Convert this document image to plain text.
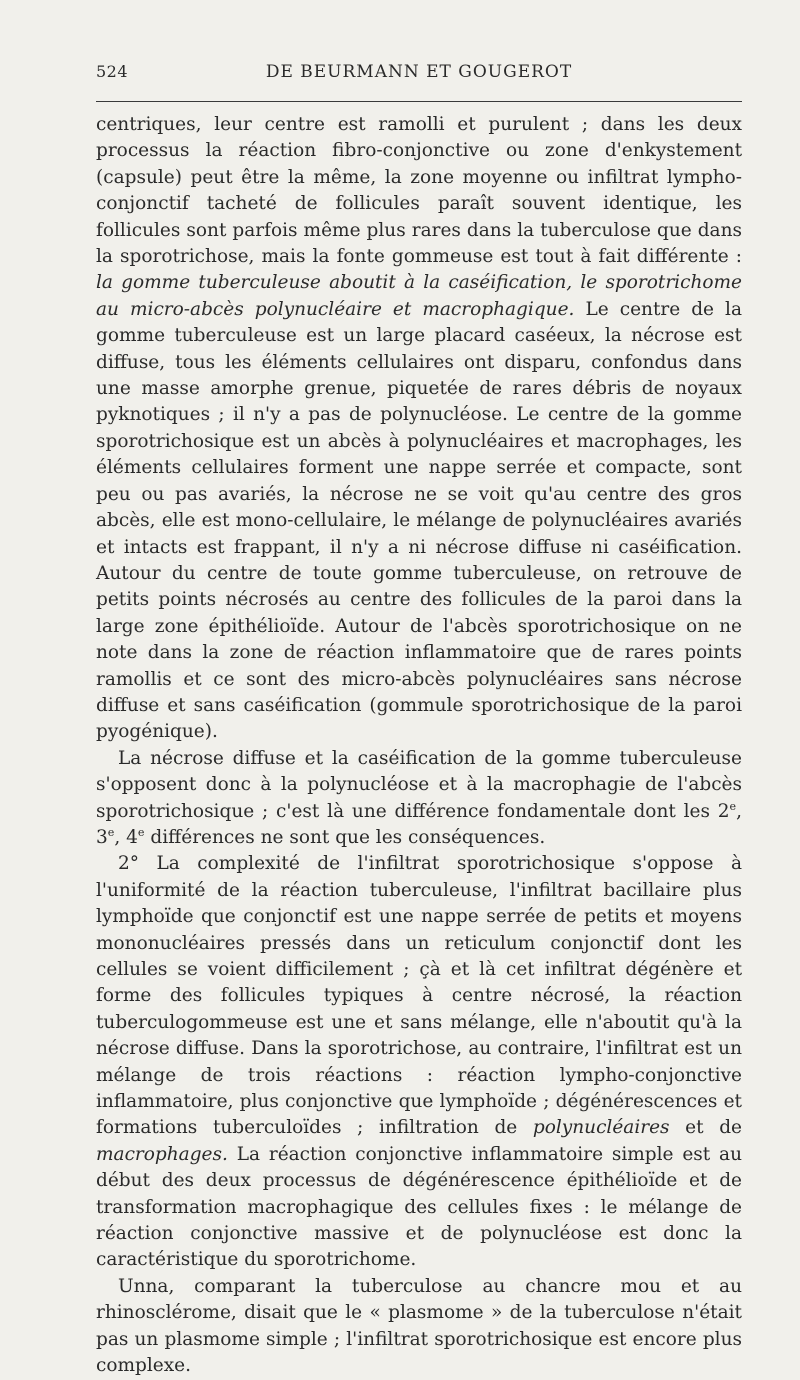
524	DE BEURMANN ET GOUGEROT

centriques, leur centre est ramolli et purulent ; dans les deux processus la réaction fibro-conjonctive ou zone d'enkystement (capsule) peut être la même, la zone moyenne ou infiltrat lympho-conjonctif tacheté de follicules paraît souvent identique, les follicules sont parfois même plus rares dans la tuberculose que dans la sporotrichose, mais la fonte gommeuse est tout à fait différente : la gomme tuberculeuse aboutit à la caséification, le sporotrichome au micro-abcès polynucléaire et macrophagique. Le centre de la gomme tuberculeuse est un large placard caséeux, la nécrose est diffuse, tous les éléments cellulaires ont disparu, confondus dans une masse amorphe grenue, piquetée de rares débris de noyaux pyknotiques ; il n'y a pas de polynucléose. Le centre de la gomme sporotrichosique est un abcès à polynucléaires et macrophages, les éléments cellulaires forment une nappe serrée et compacte, sont peu ou pas avariés, la nécrose ne se voit qu'au centre des gros abcès, elle est mono-cellulaire, le mélange de polynucléaires avariés et intacts est frappant, il n'y a ni nécrose diffuse ni caséification. Autour du centre de toute gomme tuberculeuse, on retrouve de petits points nécrosés au centre des follicules de la paroi dans la large zone épithélioïde. Autour de l'abcès sporotrichosique on ne note dans la zone de réaction inflammatoire que de rares points ramollis et ce sont des micro-abcès polynucléaires sans nécrose diffuse et sans caséification (gommule sporotrichosique de la paroi pyogénique).

La nécrose diffuse et la caséification de la gomme tuberculeuse s'opposent donc à la polynucléose et à la macrophagie de l'abcès sporotrichosique ; c'est là une différence fondamentale dont les 2e, 3e, 4e différences ne sont que les conséquences.

2° La complexité de l'infiltrat sporotrichosique s'oppose à l'uniformité de la réaction tuberculeuse, l'infiltrat bacillaire plus lymphoïde que conjonctif est une nappe serrée de petits et moyens mononucléaires pressés dans un reticulum conjonctif dont les cellules se voient difficilement ; çà et là cet infiltrat dégénère et forme des follicules typiques à centre nécrosé, la réaction tuberculogommeuse est une et sans mélange, elle n'aboutit qu'à la nécrose diffuse. Dans la sporotrichose, au contraire, l'infiltrat est un mélange de trois réactions : réaction lympho-conjonctive inflammatoire, plus conjonctive que lymphoïde ; dégénérescences et formations tuberculoïdes ; infiltration de polynucléaires et de macrophages. La réaction conjonctive inflammatoire simple est au début des deux processus de dégénérescence épithélioïde et de transformation macrophagique des cellules fixes : le mélange de réaction conjonctive massive et de polynucléose est donc la caractéristique du sporotrichome.

Unna, comparant la tuberculose au chancre mou et au rhinosclérome, disait que le « plasmome » de la tuberculose n'était pas un plasmome simple ; l'infiltrat sporotrichosique est encore plus complexe.
